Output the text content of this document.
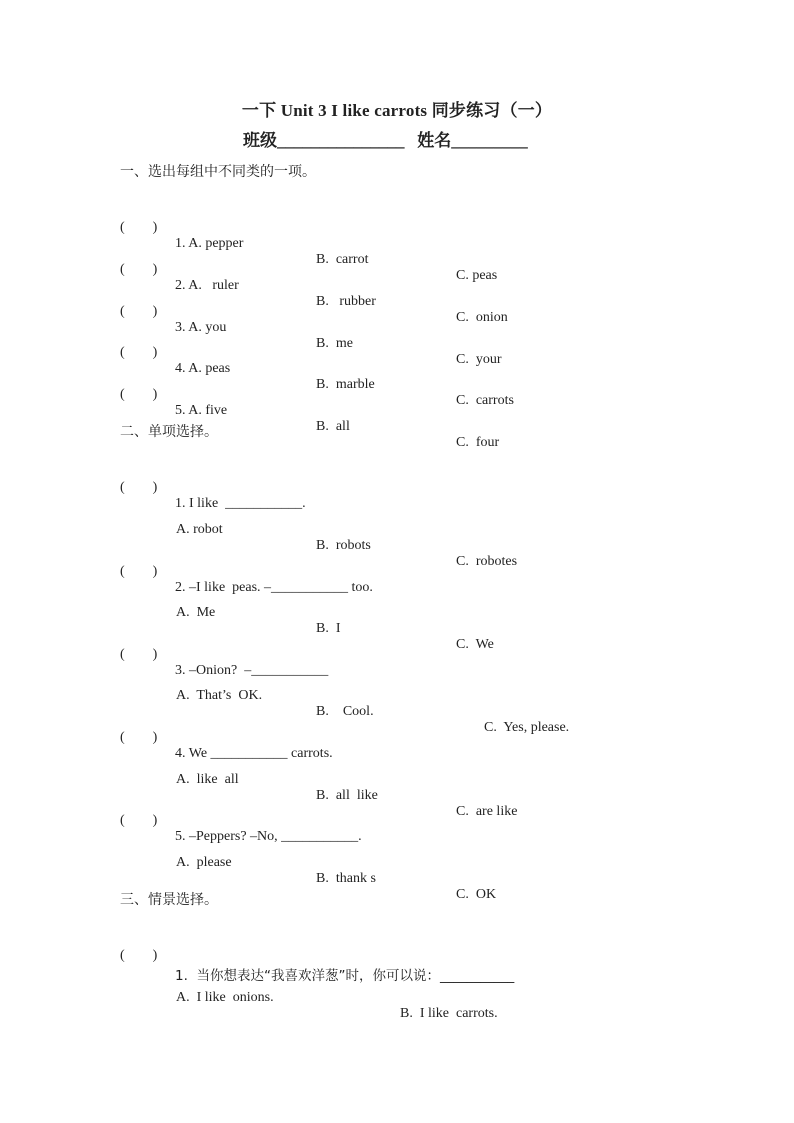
一下 Unit 3 I like carrots 同步练习（一）
班级_______________   姓名_________
一、选出每组中不同类的一项。

(        )

1. A. pepper

B.  carrot

C. peas

(        )

2. A.   ruler

B.   rubber

C.  onion

(        )

3. A. you

B.  me

C.  your

(        )

4. A. peas

B.  marble

C.  carrots

(        )

5. A. five

B.  all

C.  four

二、单项选择。

(        )

1. I like  ___________.

A. robot

B.  robots

C.  robotes

(        )

2. –I like  peas. –___________ too.

A.  Me

B.  I

C.  We

(        )

3. –Onion?  –___________

A.  That’s  OK.

B.    Cool.

C.  Yes, please.

(        )

4. We ___________ carrots.

A.  like  all

B.  all  like

C.  are like

(        )

5. –Peppers? –No, ___________.

A.  please

B.  thank s

C.  OK

三、情景选择。

(        )

1.  当你想表达“我喜欢洋葱”时，你可以说：___________

A.  I like  onions.

B.  I like  carrots.
